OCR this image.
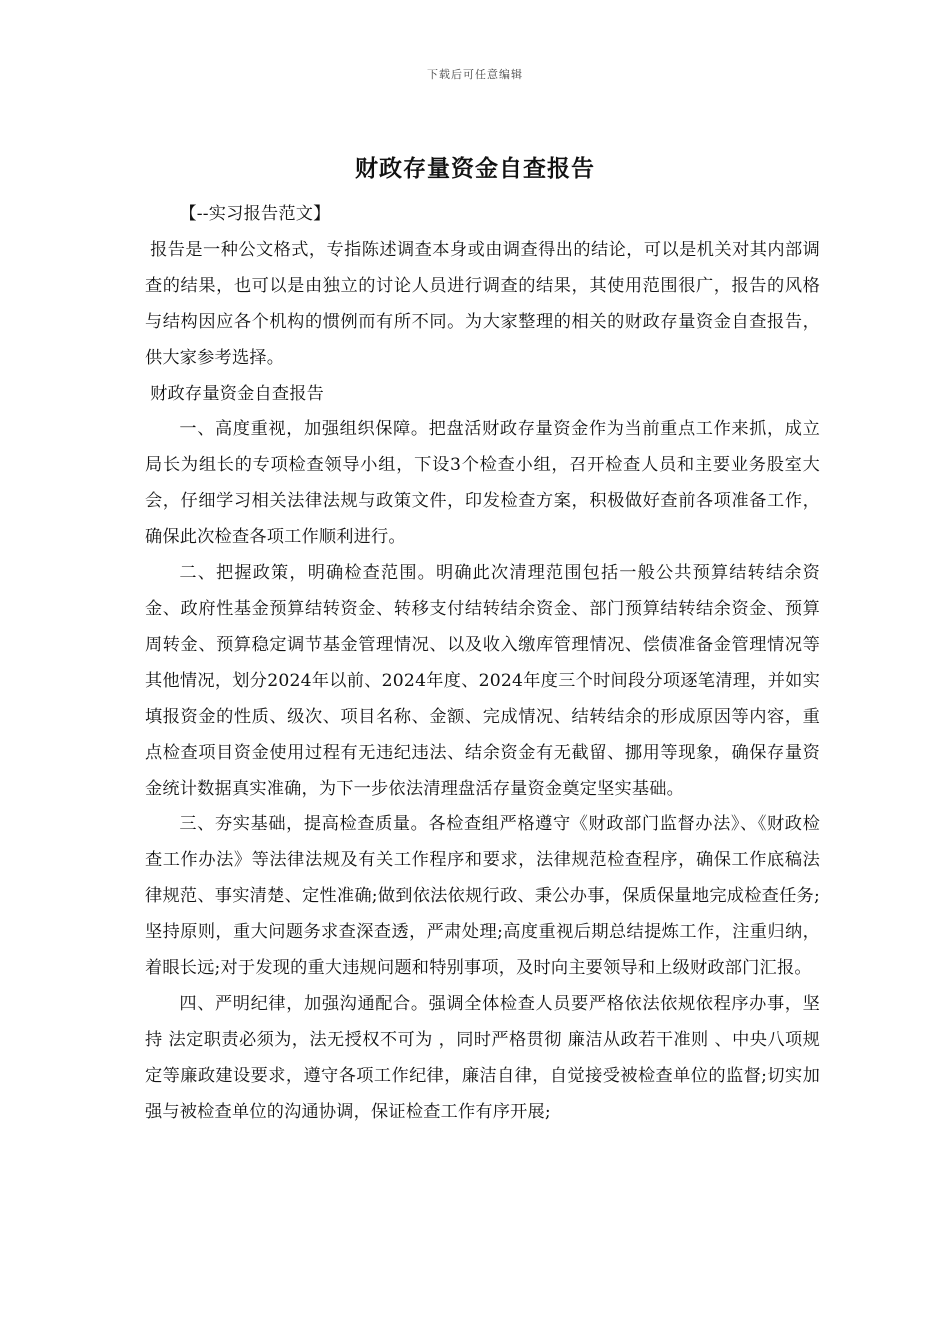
下载后可任意编辑
财政存量资金自查报告

【--实习报告范文】

报告是一种公文格式，专指陈述调查本身或由调查得出的结论，可以是机关对其内部调查的结果，也可以是由独立的讨论人员进行调查的结果，其使用范围很广，报告的风格与结构因应各个机构的惯例而有所不同。为大家整理的相关的财政存量资金自查报告，供大家参考选择。

财政存量资金自查报告

一、高度重视，加强组织保障。把盘活财政存量资金作为当前重点工作来抓，成立局长为组长的专项检查领导小组，下设3个检查小组，召开检查人员和主要业务股室大会，仔细学习相关法律法规与政策文件，印发检查方案，积极做好查前各项准备工作，确保此次检查各项工作顺利进行。

二、把握政策，明确检查范围。明确此次清理范围包括一般公共预算结转结余资金、政府性基金预算结转资金、转移支付结转结余资金、部门预算结转结余资金、预算周转金、预算稳定调节基金管理情况、以及收入缴库管理情况、偿债准备金管理情况等其他情况，划分2024年以前、2024年度、2024年度三个时间段分项逐笔清理，并如实填报资金的性质、级次、项目名称、金额、完成情况、结转结余的形成原因等内容，重点检查项目资金使用过程有无违纪违法、结余资金有无截留、挪用等现象，确保存量资金统计数据真实准确，为下一步依法清理盘活存量资金奠定坚实基础。

三、夯实基础，提高检查质量。各检查组严格遵守《财政部门监督办法》、《财政检查工作办法》等法律法规及有关工作程序和要求，法律规范检查程序，确保工作底稿法律规范、事实清楚、定性准确;做到依法依规行政、秉公办事，保质保量地完成检查任务;坚持原则，重大问题务求查深查透，严肃处理;高度重视后期总结提炼工作，注重归纳，着眼长远;对于发现的重大违规问题和特别事项，及时向主要领导和上级财政部门汇报。

四、严明纪律，加强沟通配合。强调全体检查人员要严格依法依规依程序办事，坚持 法定职责必须为，法无授权不可为 ，同时严格贯彻 廉洁从政若干准则 、中央八项规定等廉政建设要求，遵守各项工作纪律，廉洁自律，自觉接受被检查单位的监督;切实加强与被检查单位的沟通协调，保证检查工作有序开展;
